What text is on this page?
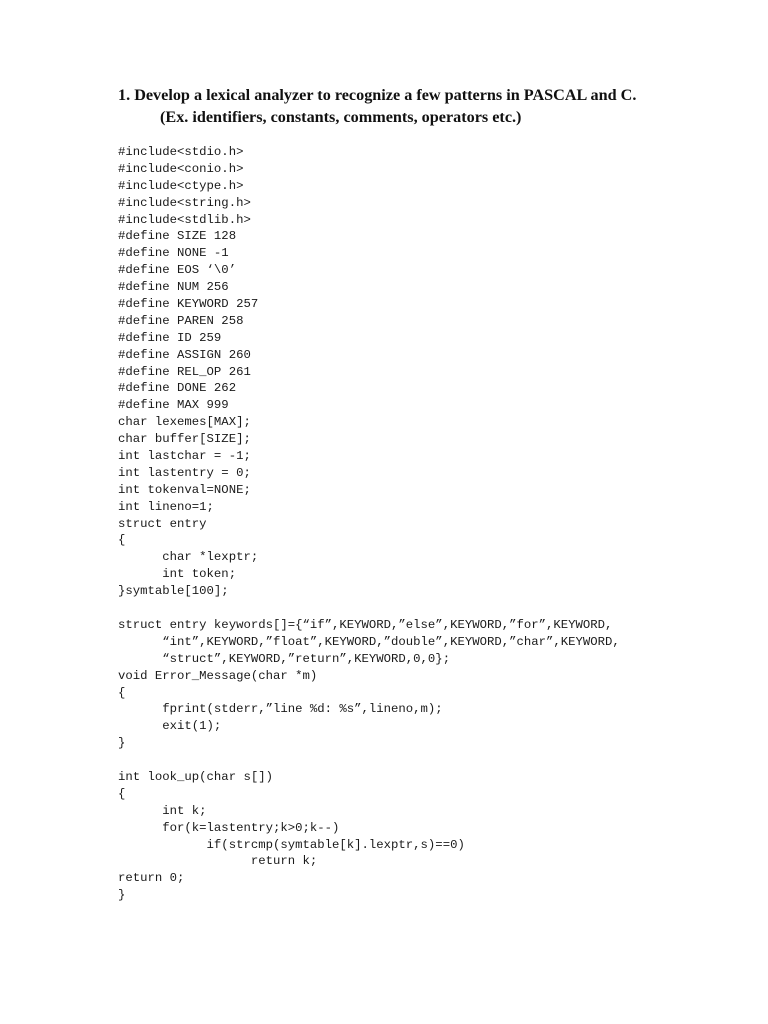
1. Develop a lexical analyzer to recognize a few patterns in PASCAL and C.
(Ex. identifiers, constants, comments, operators etc.)
#include<stdio.h>
#include<conio.h>
#include<ctype.h>
#include<string.h>
#include<stdlib.h>
#define SIZE 128
#define NONE -1
#define EOS ‘\0’
#define NUM 256
#define KEYWORD 257
#define PAREN 258
#define ID 259
#define ASSIGN 260
#define REL_OP 261
#define DONE 262
#define MAX 999
char lexemes[MAX];
char buffer[SIZE];
int lastchar = -1;
int lastentry = 0;
int tokenval=NONE;
int lineno=1;
struct entry
{
char *lexptr;
int token;
}symtable[100];
struct entry keywords[]={“if”,KEYWORD,”else”,KEYWORD,”for”,KEYWORD,
“int”,KEYWORD,”float”,KEYWORD,”double”,KEYWORD,”char”,KEYWORD,
“struct”,KEYWORD,”return”,KEYWORD,0,0};
void Error_Message(char *m)
{
fprint(stderr,”line %d: %s”,lineno,m);
exit(1);
}
int look_up(char s[])
{
int k;
for(k=lastentry;k>0;k--)
if(strcmp(symtable[k].lexptr,s)==0)
return k;
return 0;
}
